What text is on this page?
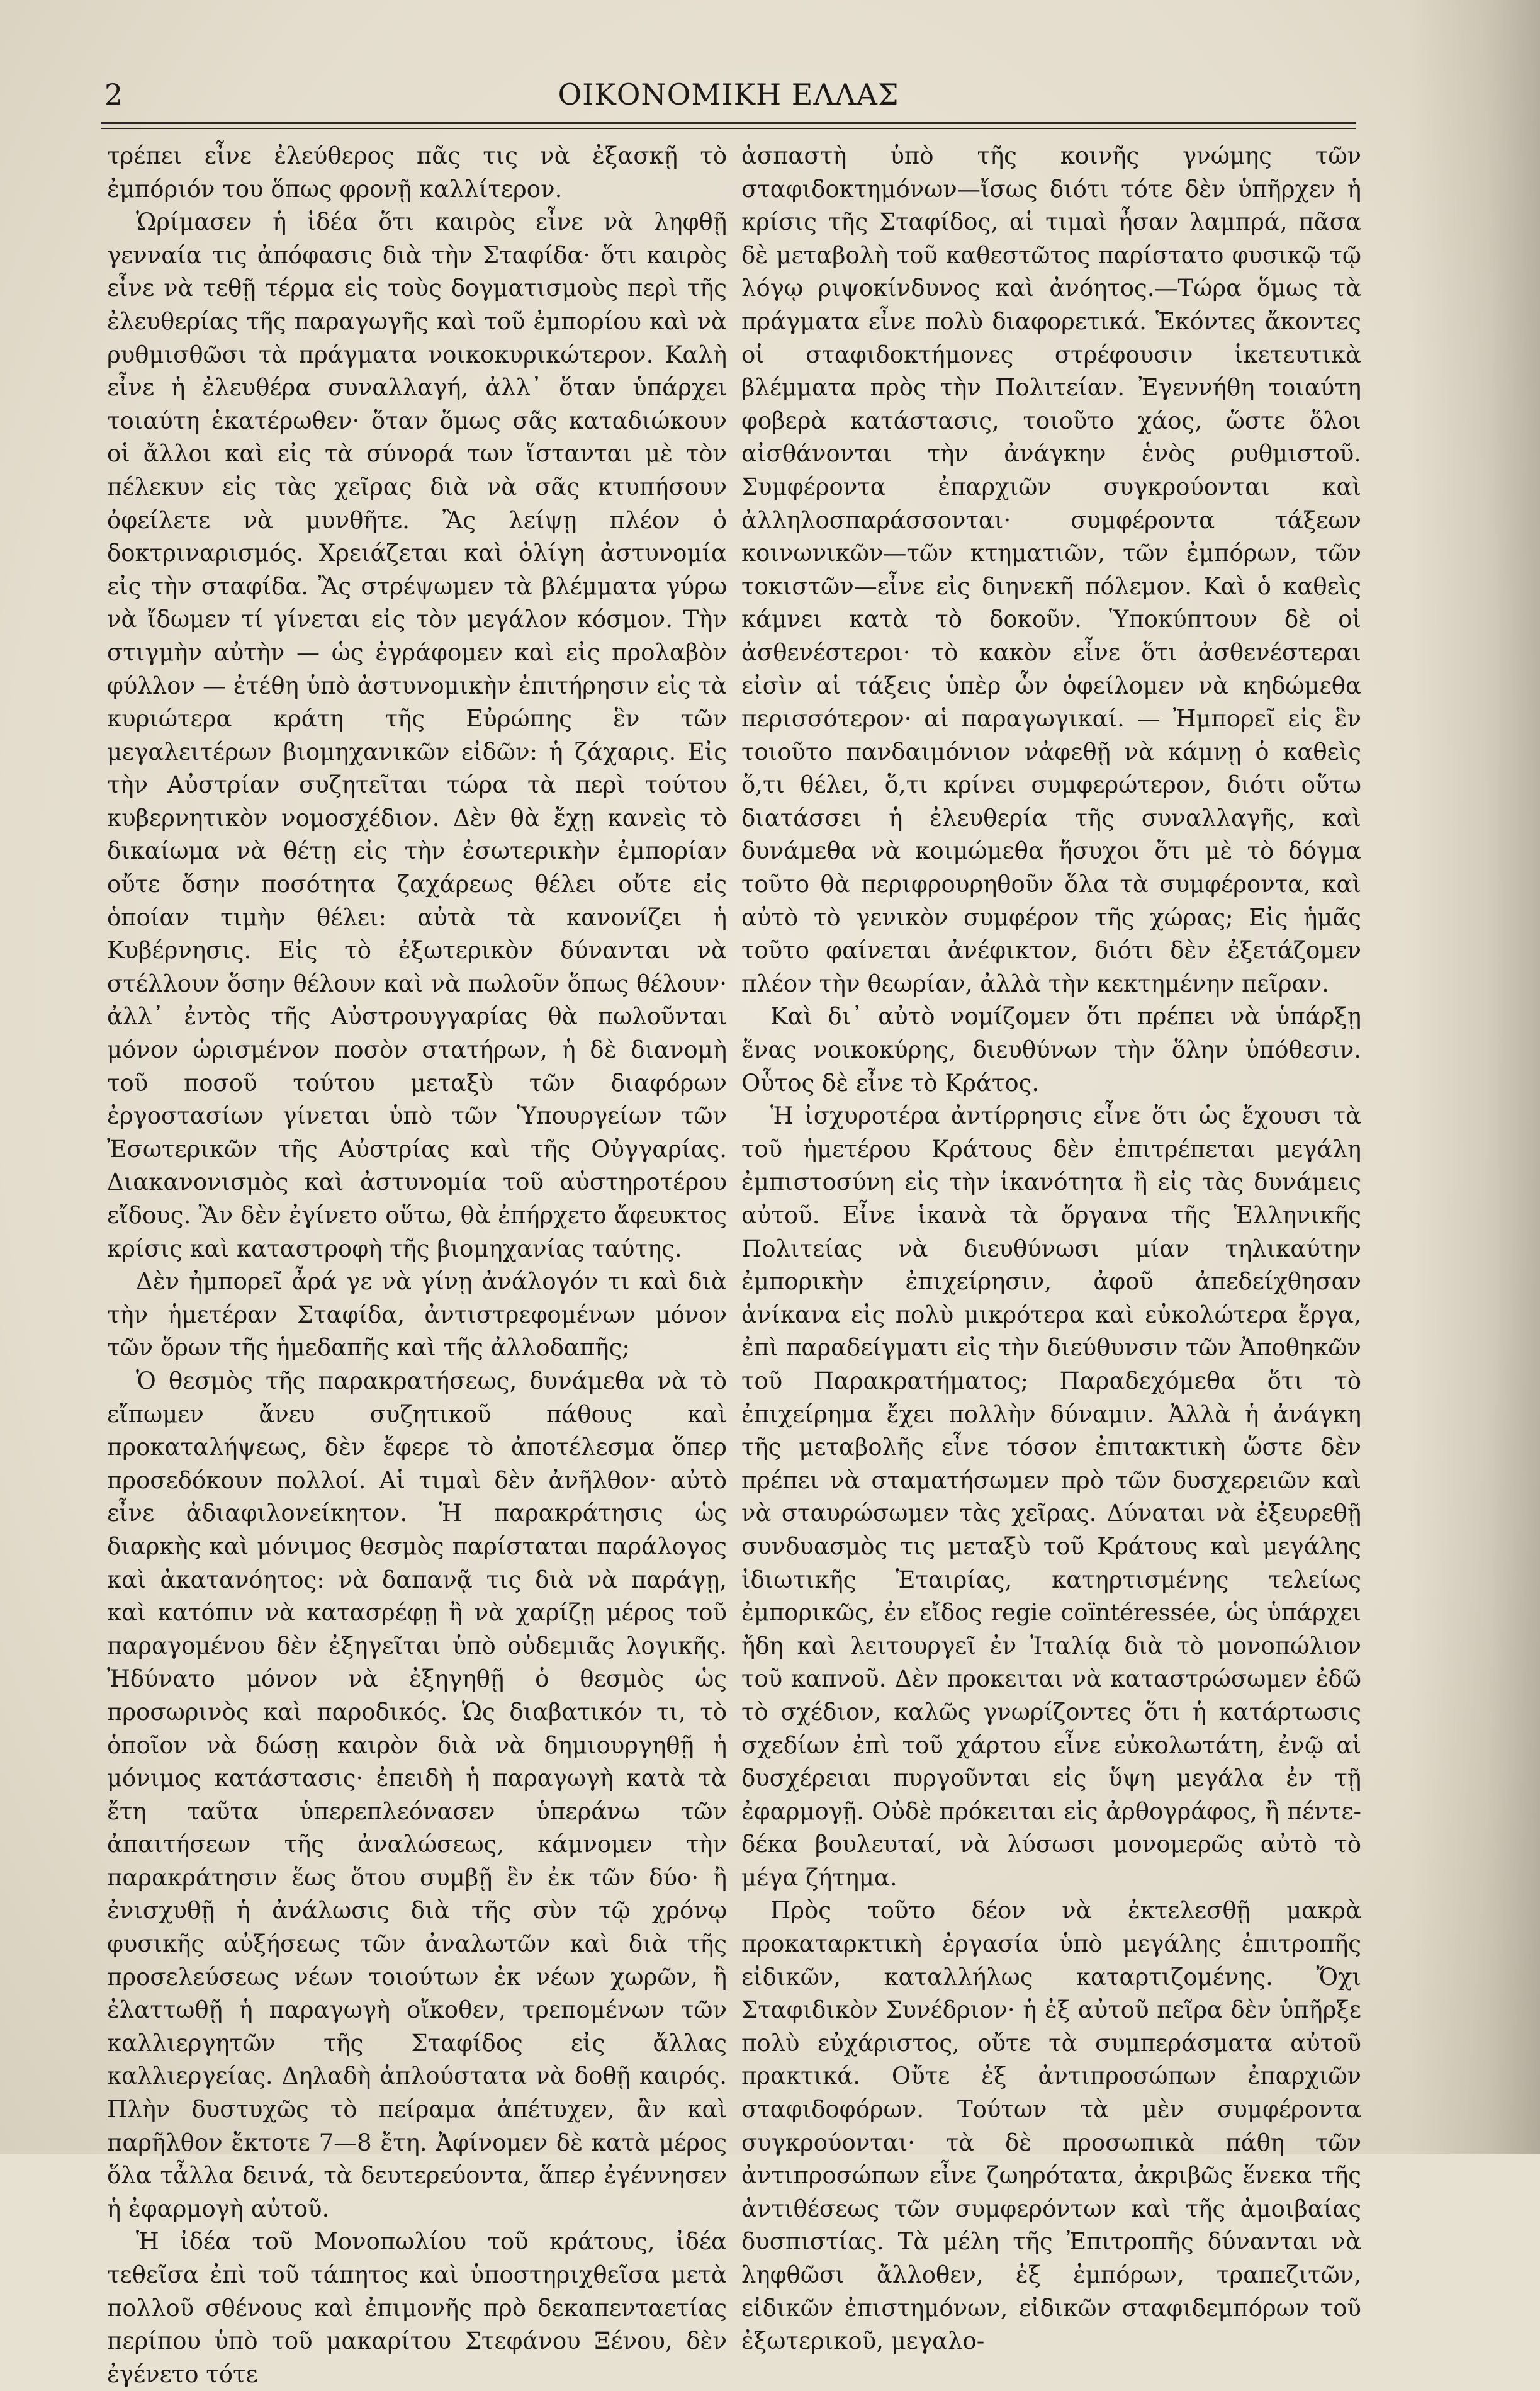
2	ΟΙΚΟΝΟΜΙΚΗ ΕΛΛΑΣ

τρέπει εἶνε ἐλεύθερος πᾶς τις νὰ ἐξασκῇ τὸ ἐμπόριόν του ὅπως φρονῇ καλλίτερον.

Ὡρίμασεν ἡ ἰδέα ὅτι καιρὸς εἶνε νὰ ληφθῇ γενναία τις ἀπόφασις διὰ τὴν Σταφίδα· ὅτι καιρὸς εἶνε νὰ τεθῇ τέρμα εἰς τοὺς δογματισμοὺς περὶ τῆς ἐλευθερίας τῆς παραγωγῆς καὶ τοῦ ἐμπορίου καὶ νὰ ρυθμισθῶσι τὰ πράγματα νοικοκυρικώτερον. Καλὴ εἶνε ἡ ἐλευθέρα συναλλαγή, ἀλλ᾽ ὅταν ὑπάρχει τοιαύτη ἑκατέρωθεν· ὅταν ὅμως σᾶς καταδιώκουν οἱ ἄλλοι καὶ εἰς τὰ σύνορά των ἵστανται μὲ τὸν πέλεκυν εἰς τὰς χεῖρας διὰ νὰ σᾶς κτυπήσουν ὀφείλετε νὰ μυνθῆτε. Ἂς λείψῃ πλέον ὁ δοκτριναρισμός. Χρειάζεται καὶ ὀλίγη ἀστυνομία εἰς τὴν σταφίδα. Ἂς στρέψωμεν τὰ βλέμματα γύρω νὰ ἴδωμεν τί γίνεται εἰς τὸν μεγάλον κόσμον. Τὴν στιγμὴν αὐτὴν — ὡς ἐγράφομεν καὶ εἰς προλαβὸν φύλλον — ἐτέθη ὑπὸ ἀστυνομικὴν ἐπιτήρησιν εἰς τὰ κυριώτερα κράτη τῆς Εὐρώπης ἓν τῶν μεγαλειτέρων βιομηχανικῶν εἰδῶν: ἡ ζάχαρις. Εἰς τὴν Αὐστρίαν συζητεῖται τώρα τὰ περὶ τούτου κυβερνητικὸν νομοσχέδιον. Δὲν θὰ ἔχῃ κανεὶς τὸ δικαίωμα νὰ θέτῃ εἰς τὴν ἐσωτερικὴν ἐμπορίαν οὔτε ὅσην ποσότητα ζαχάρεως θέλει οὔτε εἰς ὁποίαν τιμὴν θέλει: αὐτὰ τὰ κανονίζει ἡ Κυβέρνησις. Εἰς τὸ ἐξωτερικὸν δύνανται νὰ στέλλουν ὅσην θέλουν καὶ νὰ πωλοῦν ὅπως θέλουν· ἀλλ᾽ ἐντὸς τῆς Αὐστρουγγαρίας θὰ πωλοῦνται μόνον ὡρισμένον ποσὸν στατήρων, ἡ δὲ διανομὴ τοῦ ποσοῦ τούτου μεταξὺ τῶν διαφόρων ἐργοστασίων γίνεται ὑπὸ τῶν Ὑπουργείων τῶν Ἐσωτερικῶν τῆς Αὐστρίας καὶ τῆς Οὐγγαρίας. Διακανονισμὸς καὶ ἀστυνομία τοῦ αὐστηροτέρου εἴδους. Ἂν δὲν ἐγίνετο οὕτω, θὰ ἐπήρχετο ἄφευκτος κρίσις καὶ καταστροφὴ τῆς βιομηχανίας ταύτης.

Δὲν ἠμπορεῖ ἆρά γε νὰ γίνῃ ἀνάλογόν τι καὶ διὰ τὴν ἡμετέραν Σταφίδα, ἀντιστρεφομένων μόνον τῶν ὅρων τῆς ἡμεδαπῆς καὶ τῆς ἀλλοδαπῆς;

Ὁ θεσμὸς τῆς παρακρατήσεως, δυνάμεθα νὰ τὸ εἴπωμεν ἄνευ συζητικοῦ πάθους καὶ προκαταλήψεως, δὲν ἔφερε τὸ ἀποτέλεσμα ὅπερ προσεδόκουν πολλοί. Αἱ τιμαὶ δὲν ἀνῆλθον· αὐτὸ εἶνε ἀδιαφιλονείκητον. Ἡ παρακράτησις ὡς διαρκὴς καὶ μόνιμος θεσμὸς παρίσταται παράλογος καὶ ἀκατανόητος: νὰ δαπανᾷ τις διὰ νὰ παράγῃ, καὶ κατόπιν νὰ κατασρέφῃ ἢ νὰ χαρίζῃ μέρος τοῦ παραγομένου δὲν ἐξηγεῖται ὑπὸ οὐδεμιᾶς λογικῆς. Ἠδύνατο μόνον νὰ ἐξηγηθῇ ὁ θεσμὸς ὡς προσωρινὸς καὶ παροδικός. Ὡς διαβατικόν τι, τὸ ὁποῖον νὰ δώσῃ καιρὸν διὰ νὰ δημιουργηθῇ ἡ μόνιμος κατάστασις· ἐπειδὴ ἡ παραγωγὴ κατὰ τὰ ἔτη ταῦτα ὑπερεπλεόνασεν ὑπεράνω τῶν ἀπαιτήσεων τῆς ἀναλώσεως, κάμνομεν τὴν παρακράτησιν ἕως ὅτου συμβῇ ἓν ἐκ τῶν δύο· ἢ ἐνισχυθῇ ἡ ἀνάλωσις διὰ τῆς σὺν τῷ χρόνῳ φυσικῆς αὐξήσεως τῶν ἀναλωτῶν καὶ διὰ τῆς προσελεύσεως νέων τοιούτων ἐκ νέων χωρῶν, ἢ ἐλαττωθῇ ἡ παραγωγὴ οἴκοθεν, τρεπομένων τῶν καλλιεργητῶν τῆς Σταφίδος εἰς ἄλλας καλλιεργείας. Δηλαδὴ ἁπλούστατα νὰ δοθῇ καιρός. Πλὴν δυστυχῶς τὸ πείραμα ἀπέτυχεν, ἂν καὶ παρῆλθον ἔκτοτε 7—8 ἔτη. Ἀφίνομεν δὲ κατὰ μέρος ὅλα τἆλλα δεινά, τὰ δευτερεύοντα, ἅπερ ἐγέννησεν ἡ ἐφαρμογὴ αὐτοῦ.

Ἡ ἰδέα τοῦ Μονοπωλίου τοῦ κράτους, ἰδέα τεθεῖσα ἐπὶ τοῦ τάπητος καὶ ὑποστηριχθεῖσα μετὰ πολλοῦ σθένους καὶ ἐπιμονῆς πρὸ δεκαπενταετίας περίπου ὑπὸ τοῦ μακαρίτου Στεφάνου Ξένου, δὲν ἐγένετο τότε

ἀσπαστὴ ὑπὸ τῆς κοινῆς γνώμης τῶν σταφιδοκτημόνων—ἴσως διότι τότε δὲν ὑπῆρχεν ἡ κρίσις τῆς Σταφίδος, αἱ τιμαὶ ἦσαν λαμπρά, πᾶσα δὲ μεταβολὴ τοῦ καθεστῶτος παρίστατο φυσικῷ τῷ λόγῳ ριψοκίνδυνος καὶ ἀνόητος.—Τώρα ὅμως τὰ πράγματα εἶνε πολὺ διαφορετικά. Ἑκόντες ἄκοντες οἱ σταφιδοκτήμονες στρέφουσιν ἱκετευτικὰ βλέμματα πρὸς τὴν Πολιτείαν. Ἐγεννήθη τοιαύτη φοβερὰ κατάστασις, τοιοῦτο χάος, ὥστε ὅλοι αἰσθάνονται τὴν ἀνάγκην ἑνὸς ρυθμιστοῦ. Συμφέροντα ἐπαρχιῶν συγκρούονται καὶ ἀλληλοσπαράσσονται· συμφέροντα τάξεων κοινωνικῶν—τῶν κτηματιῶν, τῶν ἐμπόρων, τῶν τοκιστῶν—εἶνε εἰς διηνεκῆ πόλεμον. Καὶ ὁ καθεὶς κάμνει κατὰ τὸ δοκοῦν. Ὑποκύπτουν δὲ οἱ ἀσθενέστεροι· τὸ κακὸν εἶνε ὅτι ἀσθενέστεραι εἰσὶν αἱ τάξεις ὑπὲρ ὧν ὀφείλομεν νὰ κηδώμεθα περισσότερον· αἱ παραγωγικαί. — Ἠμπορεῖ εἰς ἓν τοιοῦτο πανδαιμόνιον νἀφεθῇ νὰ κάμνῃ ὁ καθεὶς ὅ,τι θέλει, ὅ,τι κρίνει συμφερώτερον, διότι οὕτω διατάσσει ἡ ἐλευθερία τῆς συναλλαγῆς, καὶ δυνάμεθα νὰ κοιμώμεθα ἥσυχοι ὅτι μὲ τὸ δόγμα τοῦτο θὰ περιφρουρηθοῦν ὅλα τὰ συμφέροντα, καὶ αὐτὸ τὸ γενικὸν συμφέρον τῆς χώρας; Εἰς ἡμᾶς τοῦτο φαίνεται ἀνέφικτον, διότι δὲν ἐξετάζομεν πλέον τὴν θεωρίαν, ἀλλὰ τὴν κεκτημένην πεῖραν.

Καὶ δι᾽ αὐτὸ νομίζομεν ὅτι πρέπει νὰ ὑπάρξῃ ἕνας νοικοκύρης, διευθύνων τὴν ὅλην ὑπόθεσιν. Οὗτος δὲ εἶνε τὸ Κράτος.

Ἡ ἰσχυροτέρα ἀντίρρησις εἶνε ὅτι ὡς ἔχουσι τὰ τοῦ ἡμετέρου Κράτους δὲν ἐπιτρέπεται μεγάλη ἐμπιστοσύνη εἰς τὴν ἱκανότητα ἢ εἰς τὰς δυνάμεις αὐτοῦ. Εἶνε ἱκανὰ τὰ ὄργανα τῆς Ἑλληνικῆς Πολιτείας νὰ διευθύνωσι μίαν τηλικαύτην ἐμπορικὴν ἐπιχείρησιν, ἀφοῦ ἀπεδείχθησαν ἀνίκανα εἰς πολὺ μικρότερα καὶ εὐκολώτερα ἔργα, ἐπὶ παραδείγματι εἰς τὴν διεύθυνσιν τῶν Ἀποθηκῶν τοῦ Παρακρατήματος; Παραδεχόμεθα ὅτι τὸ ἐπιχείρημα ἔχει πολλὴν δύναμιν. Ἀλλὰ ἡ ἀνάγκη τῆς μεταβολῆς εἶνε τόσον ἐπιτακτικὴ ὥστε δὲν πρέπει νὰ σταματήσωμεν πρὸ τῶν δυσχερειῶν καὶ νὰ σταυρώσωμεν τὰς χεῖρας. Δύναται νὰ ἐξευρεθῇ συνδυασμὸς τις μεταξὺ τοῦ Κράτους καὶ μεγάλης ἰδιωτικῆς Ἑταιρίας, κατηρτισμένης τελείως ἐμπορικῶς, ἐν εἴδος regie coïntéressée, ὡς ὑπάρχει ἤδη καὶ λειτουργεῖ ἐν Ἰταλίᾳ διὰ τὸ μονοπώλιον τοῦ καπνοῦ. Δὲν προκειται νὰ καταστρώσωμεν ἐδῶ τὸ σχέδιον, καλῶς γνωρίζοντες ὅτι ἡ κατάρτωσις σχεδίων ἐπὶ τοῦ χάρτου εἶνε εὐκολωτάτη, ἐνῷ αἱ δυσχέρειαι πυργοῦνται εἰς ὕψη μεγάλα ἐν τῇ ἐφαρμογῇ. Οὐδὲ πρόκειται εἰς ἀρθογράφος, ἢ πέντε-δέκα βουλευταί, νὰ λύσωσι μονομερῶς αὐτὸ τὸ μέγα ζήτημα.

Πρὸς τοῦτο δέον νὰ ἐκτελεσθῇ μακρὰ προκαταρκτικὴ ἐργασία ὑπὸ μεγάλης ἐπιτροπῆς εἰδικῶν, καταλλήλως καταρτιζομένης. Ὄχι Σταφιδικὸν Συνέδριον· ἡ ἐξ αὐτοῦ πεῖρα δὲν ὑπῆρξε πολὺ εὐχάριστος, οὔτε τὰ συμπεράσματα αὐτοῦ πρακτικά. Οὔτε ἐξ ἀντιπροσώπων ἐπαρχιῶν σταφιδοφόρων. Τούτων τὰ μὲν συμφέροντα συγκρούονται· τὰ δὲ προσωπικὰ πάθη τῶν ἀντιπροσώπων εἶνε ζωηρότατα, ἀκριβῶς ἕνεκα τῆς ἀντιθέσεως τῶν συμφερόντων καὶ τῆς ἀμοιβαίας δυσπιστίας. Τὰ μέλη τῆς Ἐπιτροπῆς δύνανται νὰ ληφθῶσι ἄλλοθεν, ἐξ ἐμπόρων, τραπεζιτῶν, εἰδικῶν ἐπιστημόνων, εἰδικῶν σταφιδεμπόρων τοῦ ἐξωτερικοῦ, μεγαλο-
